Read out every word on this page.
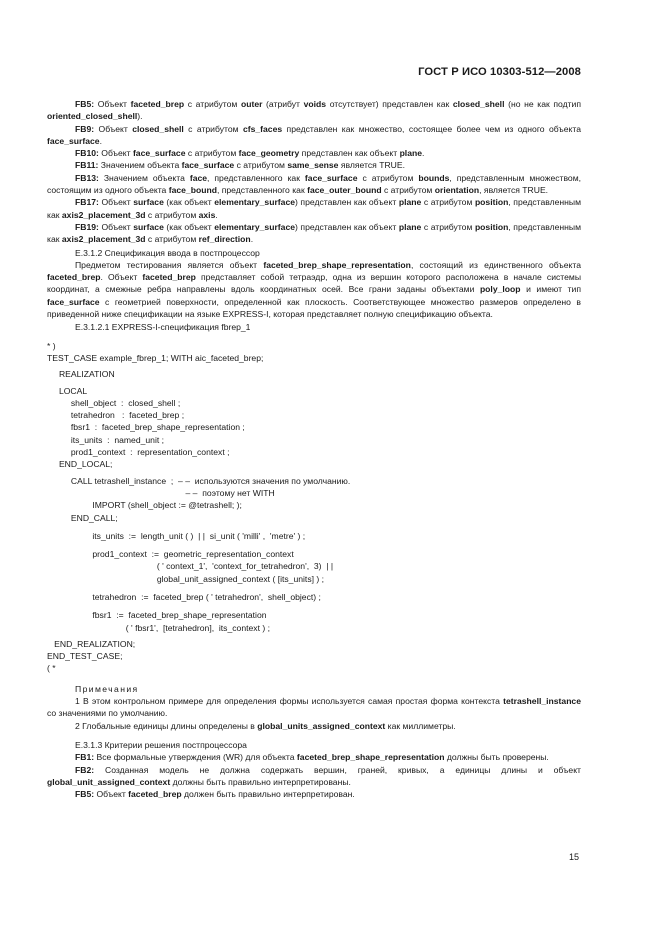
ГОСТ Р ИСО 10303-512—2008

FB5: Объект faceted_brep с атрибутом outer (атрибут voids отсутствует) представлен как closed_shell (но не как подтип oriented_closed_shell).

FB9: Объект closed_shell с атрибутом cfs_faces представлен как множество, состоящее более чем из одного объекта face_surface.

FB10: Объект face_surface с атрибутом face_geometry представлен как объект plane.

FB11: Значением объекта face_surface с атрибутом same_sense является TRUE.

FB13: Значением объекта face, представленного как face_surface с атрибутом bounds, представленным множеством, состоящим из одного объекта face_bound, представленного как face_outer_bound с атрибутом orientation, является TRUE.

FB17: Объект surface (как объект elementary_surface) представлен как объект plane с атрибутом position, представленным как axis2_placement_3d с атрибутом axis.

FB19: Объект surface (как объект elementary_surface) представлен как объект plane с атрибутом position, представленным как axis2_placement_3d с атрибутом ref_direction.

E.3.1.2 Спецификация ввода в постпроцессор

Предметом тестирования является объект faceted_brep_shape_representation, состоящий из единственного объекта faceted_brep. Объект faceted_brep представляет собой тетраэдр, одна из вершин которого расположена в начале системы координат, а смежные ребра направлены вдоль координатных осей. Все грани заданы объектами poly_loop и имеют тип face_surface с геометрией поверхности, определенной как плоскость. Соответствующее множество размеров определено в приведенной ниже спецификации на языке EXPRESS-I, которая представляет полную спецификацию объекта.

E.3.1.2.1 EXPRESS-I-спецификация fbrep_1

* )
TEST_CASE example_fbrep_1; WITH aic_faceted_brep;
REALIZATION
LOCAL
shell_object  :  closed_shell ;
tetrahedron   :  faceted_brep ;
fbsr1  :  faceted_brep_shape_representation ;
its_units  :  named_unit ;
prod1_context  :  representation_context ;
END_LOCAL;
CALL tetrashell_instance  ;  – –  используются значения по умолчанию.
– –  поэтому нет WITH
IMPORT (shell_object := @tetrashell; );
END_CALL;
its_units  :=  length_unit ( )  | |  si_unit ( 'milli' ,  'metre' ) ;
prod1_context  :=  geometric_representation_context
( ' context_1',  'context_for_tetrahedron',  3)  | |
global_unit_assigned_context ( [its_units] ) ;
tetrahedron  :=  faceted_brep ( ' tetrahedron',  shell_object) ;
fbsr1  :=  faceted_brep_shape_representation
( ' fbsr1',  [tetrahedron],  its_context ) ;
END_REALIZATION;
END_TEST_CASE;
( *

Примечания

1 В этом контрольном примере для определения формы используется самая простая форма контекста tetrashell_instance со значениями по умолчанию.

2 Глобальные единицы длины определены в global_units_assigned_context как миллиметры.

E.3.1.3 Критерии решения постпроцессора

FB1: Все формальные утверждения (WR) для объекта faceted_brep_shape_representation должны быть проверены.

FB2: Созданная модель не должна содержать вершин, граней, кривых, а единицы длины и объект global_unit_assigned_context должны быть правильно интерпретированы.

FB5: Объект faceted_brep должен быть правильно интерпретирован.

15
